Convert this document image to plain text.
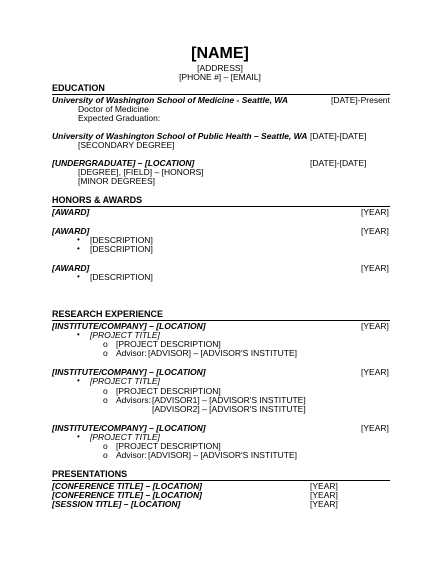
[NAME]
[ADDRESS]
[PHONE #] – [EMAIL]
EDUCATION
University of Washington School of Medicine - Seattle, WA	[DATE]-Present
Doctor of Medicine
Expected Graduation:
University of Washington School of Public Health – Seattle, WA [DATE]-[DATE]
[SECONDARY DEGREE]
[UNDERGRADUATE] – [LOCATION]	[DATE]-[DATE]
[DEGREE], [FIELD] – [HONORS]
[MINOR DEGREES]
HONORS & AWARDS
[AWARD]	[YEAR]
[AWARD]	[YEAR]
• [DESCRIPTION]
• [DESCRIPTION]
[AWARD]	[YEAR]
• [DESCRIPTION]
RESEARCH EXPERIENCE
[INSTITUTE/COMPANY] – [LOCATION]	[YEAR]
• [PROJECT TITLE]
o [PROJECT DESCRIPTION]
o Advisor: [ADVISOR] – [ADVISOR'S INSTITUTE]
[INSTITUTE/COMPANY] – [LOCATION]	[YEAR]
• [PROJECT TITLE]
o [PROJECT DESCRIPTION]
o Advisors: [ADVISOR1] – [ADVISOR'S INSTITUTE]
[ADVISOR2] – [ADVISOR'S INSTITUTE]
[INSTITUTE/COMPANY] – [LOCATION]	[YEAR]
• [PROJECT TITLE]
o [PROJECT DESCRIPTION]
o Advisor: [ADVISOR] – [ADVISOR'S INSTITUTE]
PRESENTATIONS
[CONFERENCE TITLE] – [LOCATION]	[YEAR]
[CONFERENCE TITLE] – [LOCATION]	[YEAR]
[SESSION TITLE] – [LOCATION]	[YEAR]
